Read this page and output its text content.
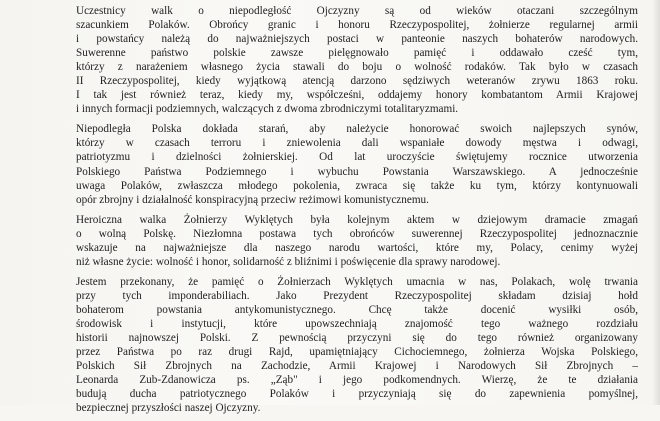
Uczestnicy walk o niepodległość Ojczyzny są od wieków otaczani szczególnym
szacunkiem Polaków. Obrońcy granic i honoru Rzeczypospolitej, żołnierze regularnej armii
i powstańcy należą do najważniejszych postaci w panteonie naszych bohaterów narodowych.
Suwerenne państwo polskie zawsze pielęgnowało pamięć i oddawało cześć tym,
którzy z narażeniem własnego życia stawali do boju o wolność rodaków. Tak było w czasach
II Rzeczypospolitej, kiedy wyjątkową atencją darzono sędziwych weteranów zrywu 1863 roku.
I tak jest również teraz, kiedy my, współcześni, oddajemy honory kombatantom Armii Krajowej
i innych formacji podziemnych, walczących z dwoma zbrodniczymi totalitaryzmami.
Niepodległa Polska dokłada starań, aby należycie honorować swoich najlepszych synów,
którzy w czasach terroru i zniewolenia dali wspaniałe dowody męstwa i odwagi,
patriotyzmu i dzielności żołnierskiej. Od lat uroczyście świętujemy rocznice utworzenia
Polskiego Państwa Podziemnego i wybuchu Powstania Warszawskiego. A jednocześnie
uwaga Polaków, zwłaszcza młodego pokolenia, zwraca się także ku tym, którzy kontynuowali
opór zbrojny i działalność konspiracyjną przeciw reżimowi komunistycznemu.
Heroiczna walka Żołnierzy Wyklętych była kolejnym aktem w dziejowym dramacie zmagań
o wolną Polskę. Niezłomna postawa tych obrońców suwerennej Rzeczypospolitej jednoznacznie
wskazuje na najważniejsze dla naszego narodu wartości, które my, Polacy, cenimy wyżej
niż własne życie: wolność i honor, solidarność z bliźnimi i poświęcenie dla sprawy narodowej.
Jestem przekonany, że pamięć o Żołnierzach Wyklętych umacnia w nas, Polakach, wolę trwania
przy tych imponderabiliach. Jako Prezydent Rzeczypospolitej składam dzisiaj hołd
bohaterom powstania antykomunistycznego. Chcę także docenić wysiłki osób,
środowisk i instytucji, które upowszechniają znajomość tego ważnego rozdziału
historii najnowszej Polski. Z pewnością przyczyni się do tego również organizowany
przez Państwa po raz drugi Rajd, upamiętniający Cichociemnego, żołnierza Wojska Polskiego,
Polskich Sił Zbrojnych na Zachodzie, Armii Krajowej i Narodowych Sił Zbrojnych –
Leonarda Zub-Zdanowicza ps. „Ząb" i jego podkomendnych. Wierzę, że te działania
budują ducha patriotycznego Polaków i przyczyniają się do zapewnienia pomyślnej,
bezpiecznej przyszłości naszej Ojczyzny.
